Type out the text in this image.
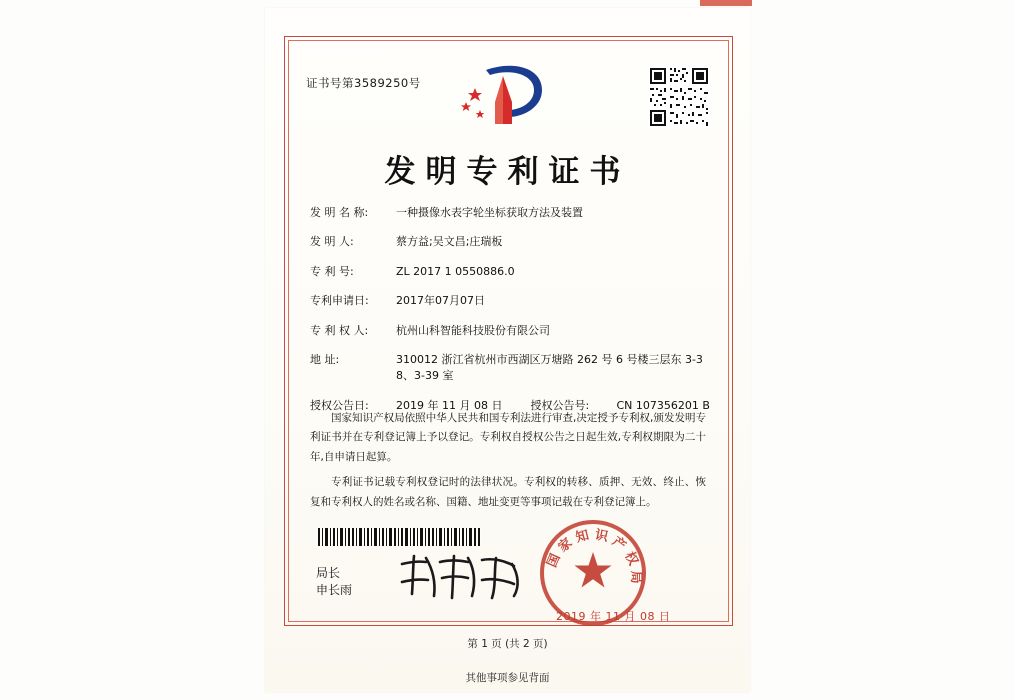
证书号第3589250号
发明专利证书
发 明 名 称:	一种摄像水表字轮坐标获取方法及装置
发 明 人:	蔡方益;吴文昌;庄瑞板
专 利 号:	ZL 2017 1 0550886.0
专利申请日:	2017年07月07日
专 利 权 人:	杭州山科智能科技股份有限公司
地 址:	310012 浙江省杭州市西湖区万塘路 262 号 6 号楼三层东 3-38、3-39 室
授权公告日:	2019 年 11 月 08 日	授权公告号:	CN 107356201 B

国家知识产权局依照中华人民共和国专利法进行审查,决定授予专利权,颁发发明专利证书并在专利登记簿上予以登记。专利权自授权公告之日起生效,专利权期限为二十年,自申请日起算。

专利证书记载专利权登记时的法律状况。专利权的转移、质押、无效、终止、恢复和专利权人的姓名或名称、国籍、地址变更等事项记载在专利登记簿上。

局长
申长雨
国 家 知 识 产 权 局
2019 年 11 月 08 日
第 1 页 (共 2 页)
其他事项参见背面
